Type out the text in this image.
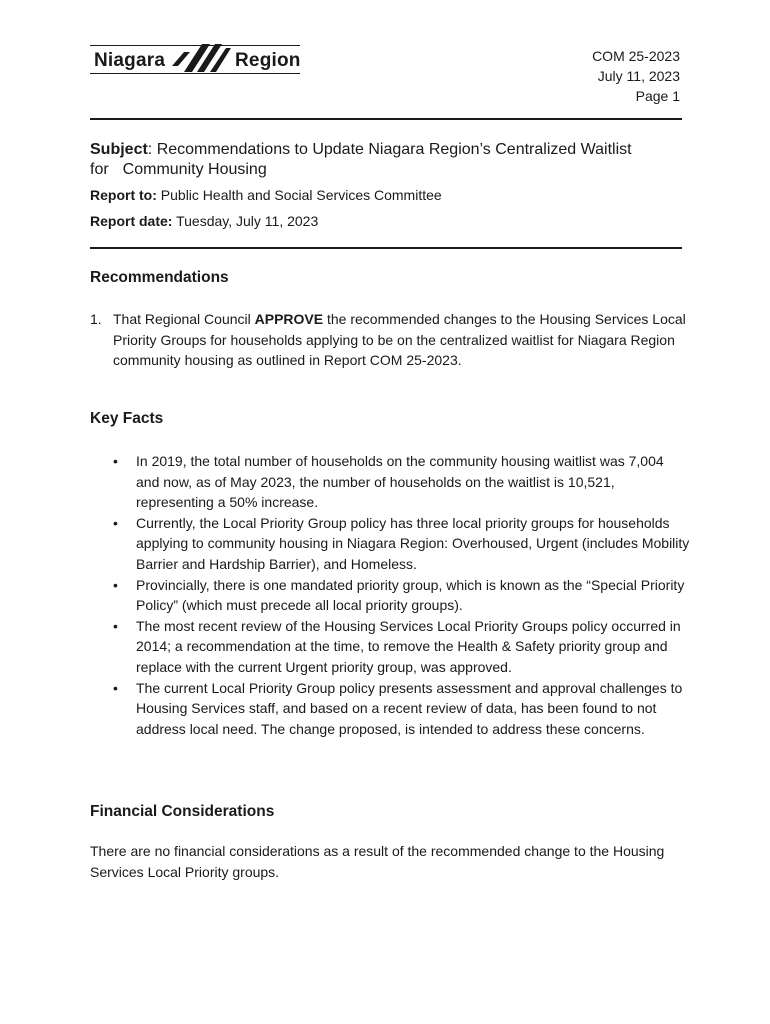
Niagara	Region	COM 25-2023
July 11, 2023
Page 1
Subject: Recommendations to Update Niagara Region’s Centralized Waitlist
for Community Housing
Report to: Public Health and Social Services Committee
Report date: Tuesday, July 11, 2023
Recommendations
1. That Regional Council APPROVE the recommended changes to the Housing Services Local Priority Groups for households applying to be on the centralized waitlist for Niagara Region community housing as outlined in Report COM 25-2023.
Key Facts
• In 2019, the total number of households on the community housing waitlist was 7,004 and now, as of May 2023, the number of households on the waitlist is 10,521, representing a 50% increase.
• Currently, the Local Priority Group policy has three local priority groups for households applying to community housing in Niagara Region: Overhoused, Urgent (includes Mobility Barrier and Hardship Barrier), and Homeless.
• Provincially, there is one mandated priority group, which is known as the “Special Priority Policy” (which must precede all local priority groups).
• The most recent review of the Housing Services Local Priority Groups policy occurred in 2014; a recommendation at the time, to remove the Health & Safety priority group and replace with the current Urgent priority group, was approved.
• The current Local Priority Group policy presents assessment and approval challenges to Housing Services staff, and based on a recent review of data, has been found to not address local need. The change proposed, is intended to address these concerns.
Financial Considerations
There are no financial considerations as a result of the recommended change to the Housing Services Local Priority groups.
